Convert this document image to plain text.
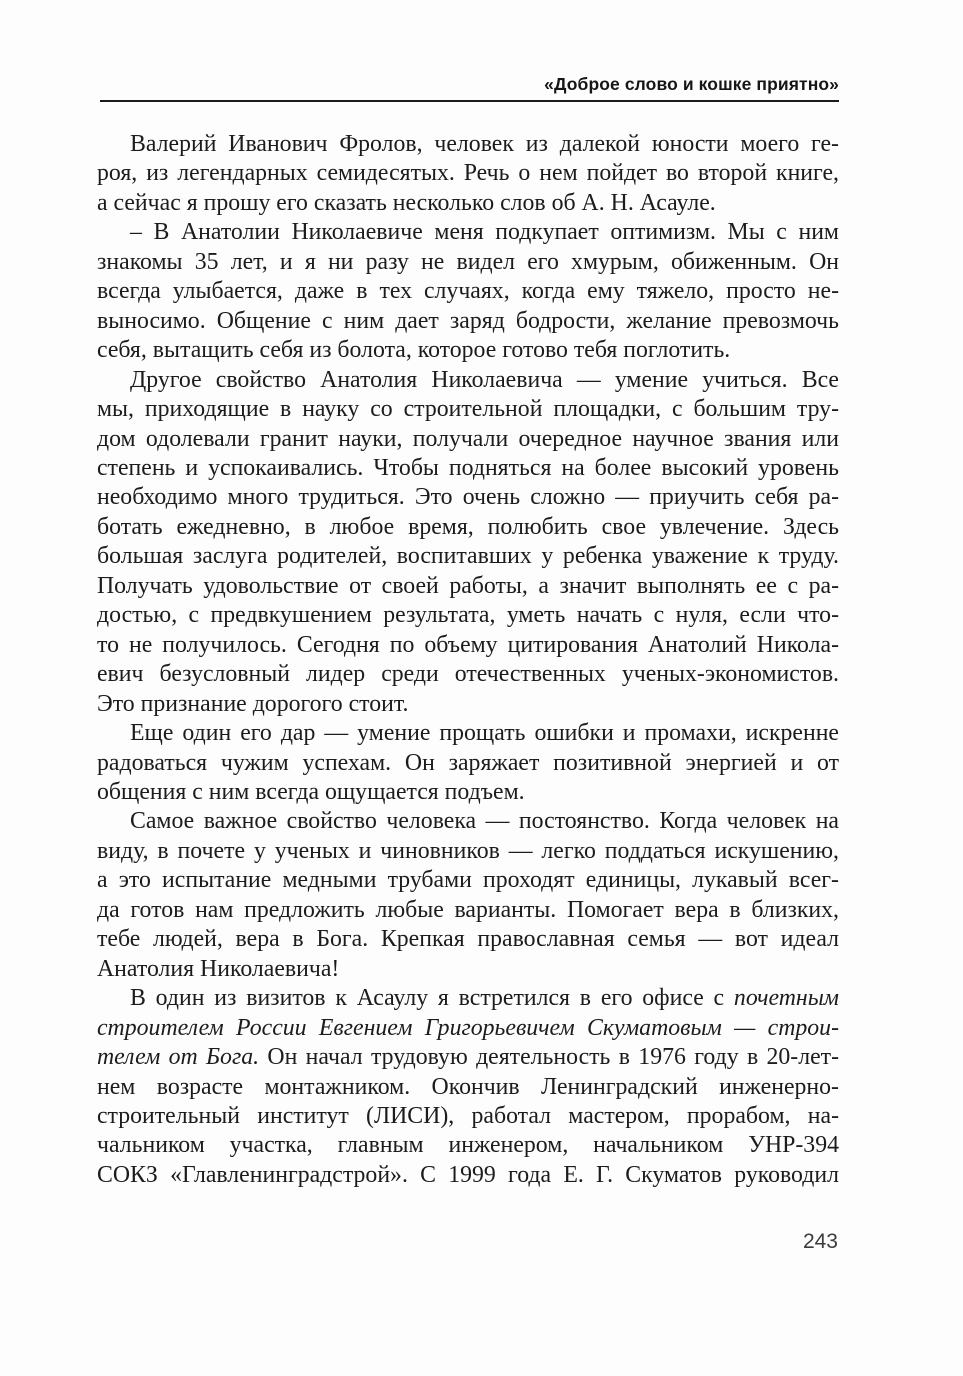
«Доброе слово и кошке приятно»
Валерий Иванович Фролов, человек из далекой юности моего ге-
роя, из легендарных семидесятых. Речь о нем пойдет во второй книге,
а сейчас я прошу его сказать несколько слов об А. Н. Асауле.
– В Анатолии Николаевиче меня подкупает оптимизм. Мы с ним
знакомы 35 лет, и я ни разу не видел его хмурым, обиженным. Он
всегда улыбается, даже в тех случаях, когда ему тяжело, просто не-
выносимо. Общение с ним дает заряд бодрости, желание превозмочь
себя, вытащить себя из болота, которое готово тебя поглотить.
Другое свойство Анатолия Николаевича — умение учиться. Все
мы, приходящие в науку со строительной площадки, с большим тру-
дом одолевали гранит науки, получали очередное научное звания или
степень и успокаивались. Чтобы подняться на более высокий уровень
необходимо много трудиться. Это очень сложно — приучить себя ра-
ботать ежедневно, в любое время, полюбить свое увлечение. Здесь
большая заслуга родителей, воспитавших у ребенка уважение к труду.
Получать удовольствие от своей работы, а значит выполнять ее с ра-
достью, с предвкушением результата, уметь начать с нуля, если что-
то не получилось. Сегодня по объему цитирования Анатолий Никола-
евич безусловный лидер среди отечественных ученых-экономистов.
Это признание дорогого стоит.
Еще один его дар — умение прощать ошибки и промахи, искренне
радоваться чужим успехам. Он заряжает позитивной энергией и от
общения с ним всегда ощущается подъем.
Самое важное свойство человека — постоянство. Когда человек на
виду, в почете у ученых и чиновников — легко поддаться искушению,
а это испытание медными трубами проходят единицы, лукавый всег-
да готов нам предложить любые варианты. Помогает вера в близких,
тебе людей, вера в Бога. Крепкая православная семья — вот идеал
Анатолия Николаевича!
В один из визитов к Асаулу я встретился в его офисе с почетным
строителем России Евгением Григорьевичем Скуматовым — строи-
телем от Бога. Он начал трудовую деятельность в 1976 году в 20-лет-
нем возрасте монтажником. Окончив Ленинградский инженерно-
строительный институт (ЛИСИ), работал мастером, прорабом, на-
чальником участка, главным инженером, начальником УНР-394
СОКЗ «Главленинградстрой». С 1999 года Е. Г. Скуматов руководил
243
